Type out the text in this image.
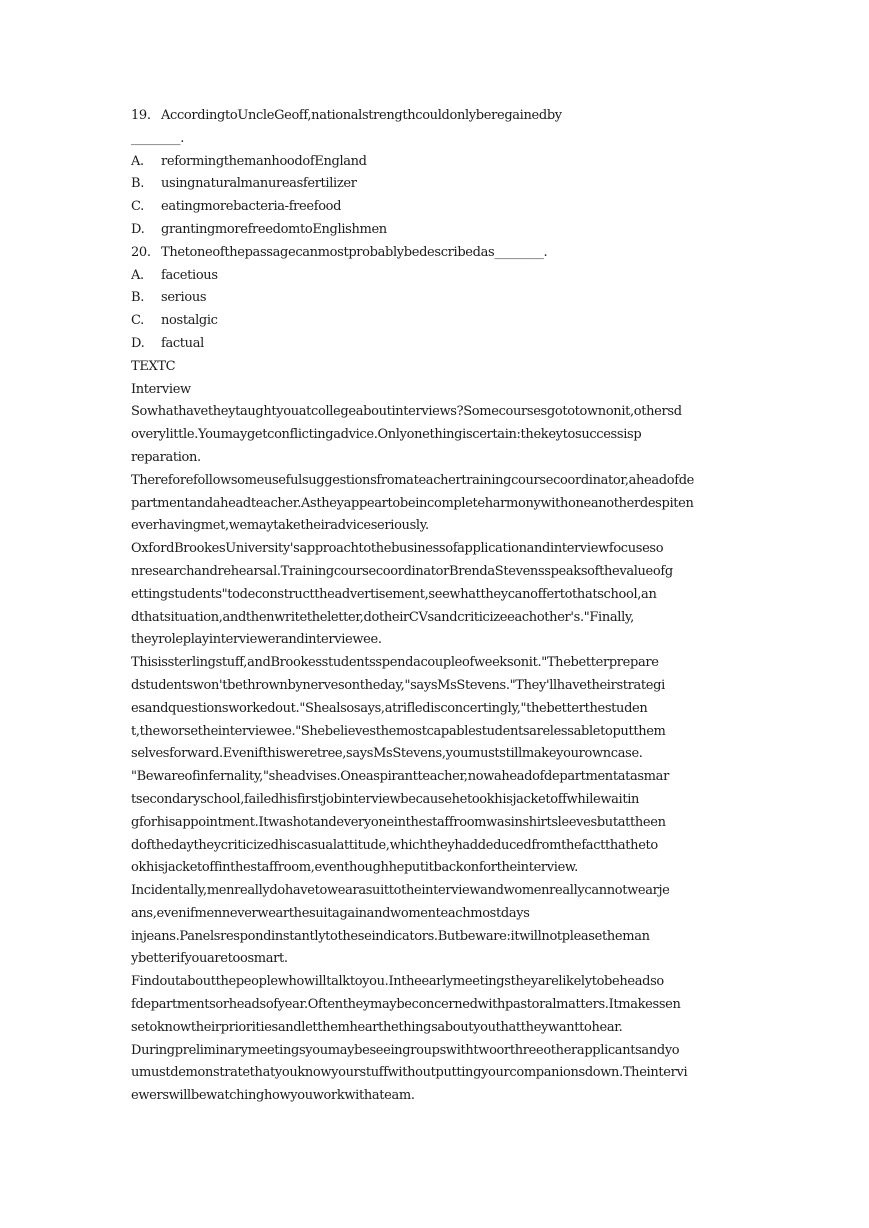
19. AccordingtoUncleGeoff,nationalstrengthcouldonlyberegainedby
________.
A. reformingthemanhoodofEngland
B. usingnaturalmanureasfertilizer
C. eatingmorebacteria-freefood
D. grantingmorefreedomtoEnglishmen
20. Thetoneofthepassagecanmostprobablybedescribedas________.
A. facetious
B. serious
C. nostalgic
D. factual
TEXTC
Interview
Sowhathavetheytaughtyouatcollegeaboutinterviews?Somecoursesgototownonit,othersd
overylittle.Youmaygetconflictingadvice.Onlyonethingiscertain:thekeytosuccessisp
reparation.
Thereforefollowsomeusefulsuggestionsfromateachertrainingcoursecoordinator,aheadofde
partmentandaheadteacher.Astheyappeartobeincompleteharmonywithoneanotherdespiten
everhavingmet,wemaytaketheiradviceseriously.
OxfordBrookesUniversity'sapproachtothebusinessofapplicationandinterviewfocuseso
nresearchandrehearsal.TrainingcoursecoordinatorBrendaStevensspeaksofthevalueofg
ettingstudents"todeconstructtheadvertisement,seewhattheycanoffertothatschool,an
dthatsituation,andthenwritetheletter,dotheirCVsandcriticizeeachother's."Finally,
theyroleplayinterviewerandinterviewee.
Thisissterlingstuff,andBrookesstudentsspendacoupleofweeksonit."Thebetterprepare
dstudentswon'tbethrownbynervesontheday,"saysMsStevens."They'llhavetheirstrategi
esandquestionsworkedout."Shealsosays,atrifledisconcertingly,"thebetterthestuden
t,theworsetheinterviewee."Shebelievesthemostcapablestudentsarelessabletoputthem
selvesforward.Evenifthisweretree,saysMsStevens,youmuststillmakeyourowncase.
"Bewareofinfernality,"sheadvises.Oneaspirantteacher,nowaheadofdepartmentatasmar
tsecondaryschool,failedhisfirstjobinterviewbecausehetookhisjacketoffwhilewaitin
gforhisappointment.Itwashotandeveryoneinthestaffroomwasinshirtsleevesbutattheen
dofthedaytheycriticizedhiscasualattitude,whichtheyhaddeducedfromthefactthatheto
okhisjacketoffinthestaffroom,eventhoughheputitbackonfortheinterview.
Incidentally,menreallydohavetowearasuittotheinterviewandwomenreallycannotwearje
ans,evenifmenneverwearthesuitagainandwomenteachmostdays
injeans.Panelsrespondinstantlytotheseindicators.Butbeware:itwillnotpleasetheman
ybetterifyouaretoosmart.
Findoutaboutthepeoplewhowilltalktoyou.Intheearlymeetingstheyarelikelytobeheadso
fdepartmentsorheadsofyear.Oftentheymaybeconcernedwithpastoralmatters.Itmakessen
setoknowtheirprioritiesandletthemhearthethingsaboutyouthattheywanttohear.
Duringpreliminarymeetingsyoumaybeseeingroupswithtwoorthreeotherapplicantsandyo
umustdemonstratethatyouknowyourstuffwithoutputtingyourcompanionsdown.Theintervi
ewerswillbewatchinghowyouworkwithateam.
